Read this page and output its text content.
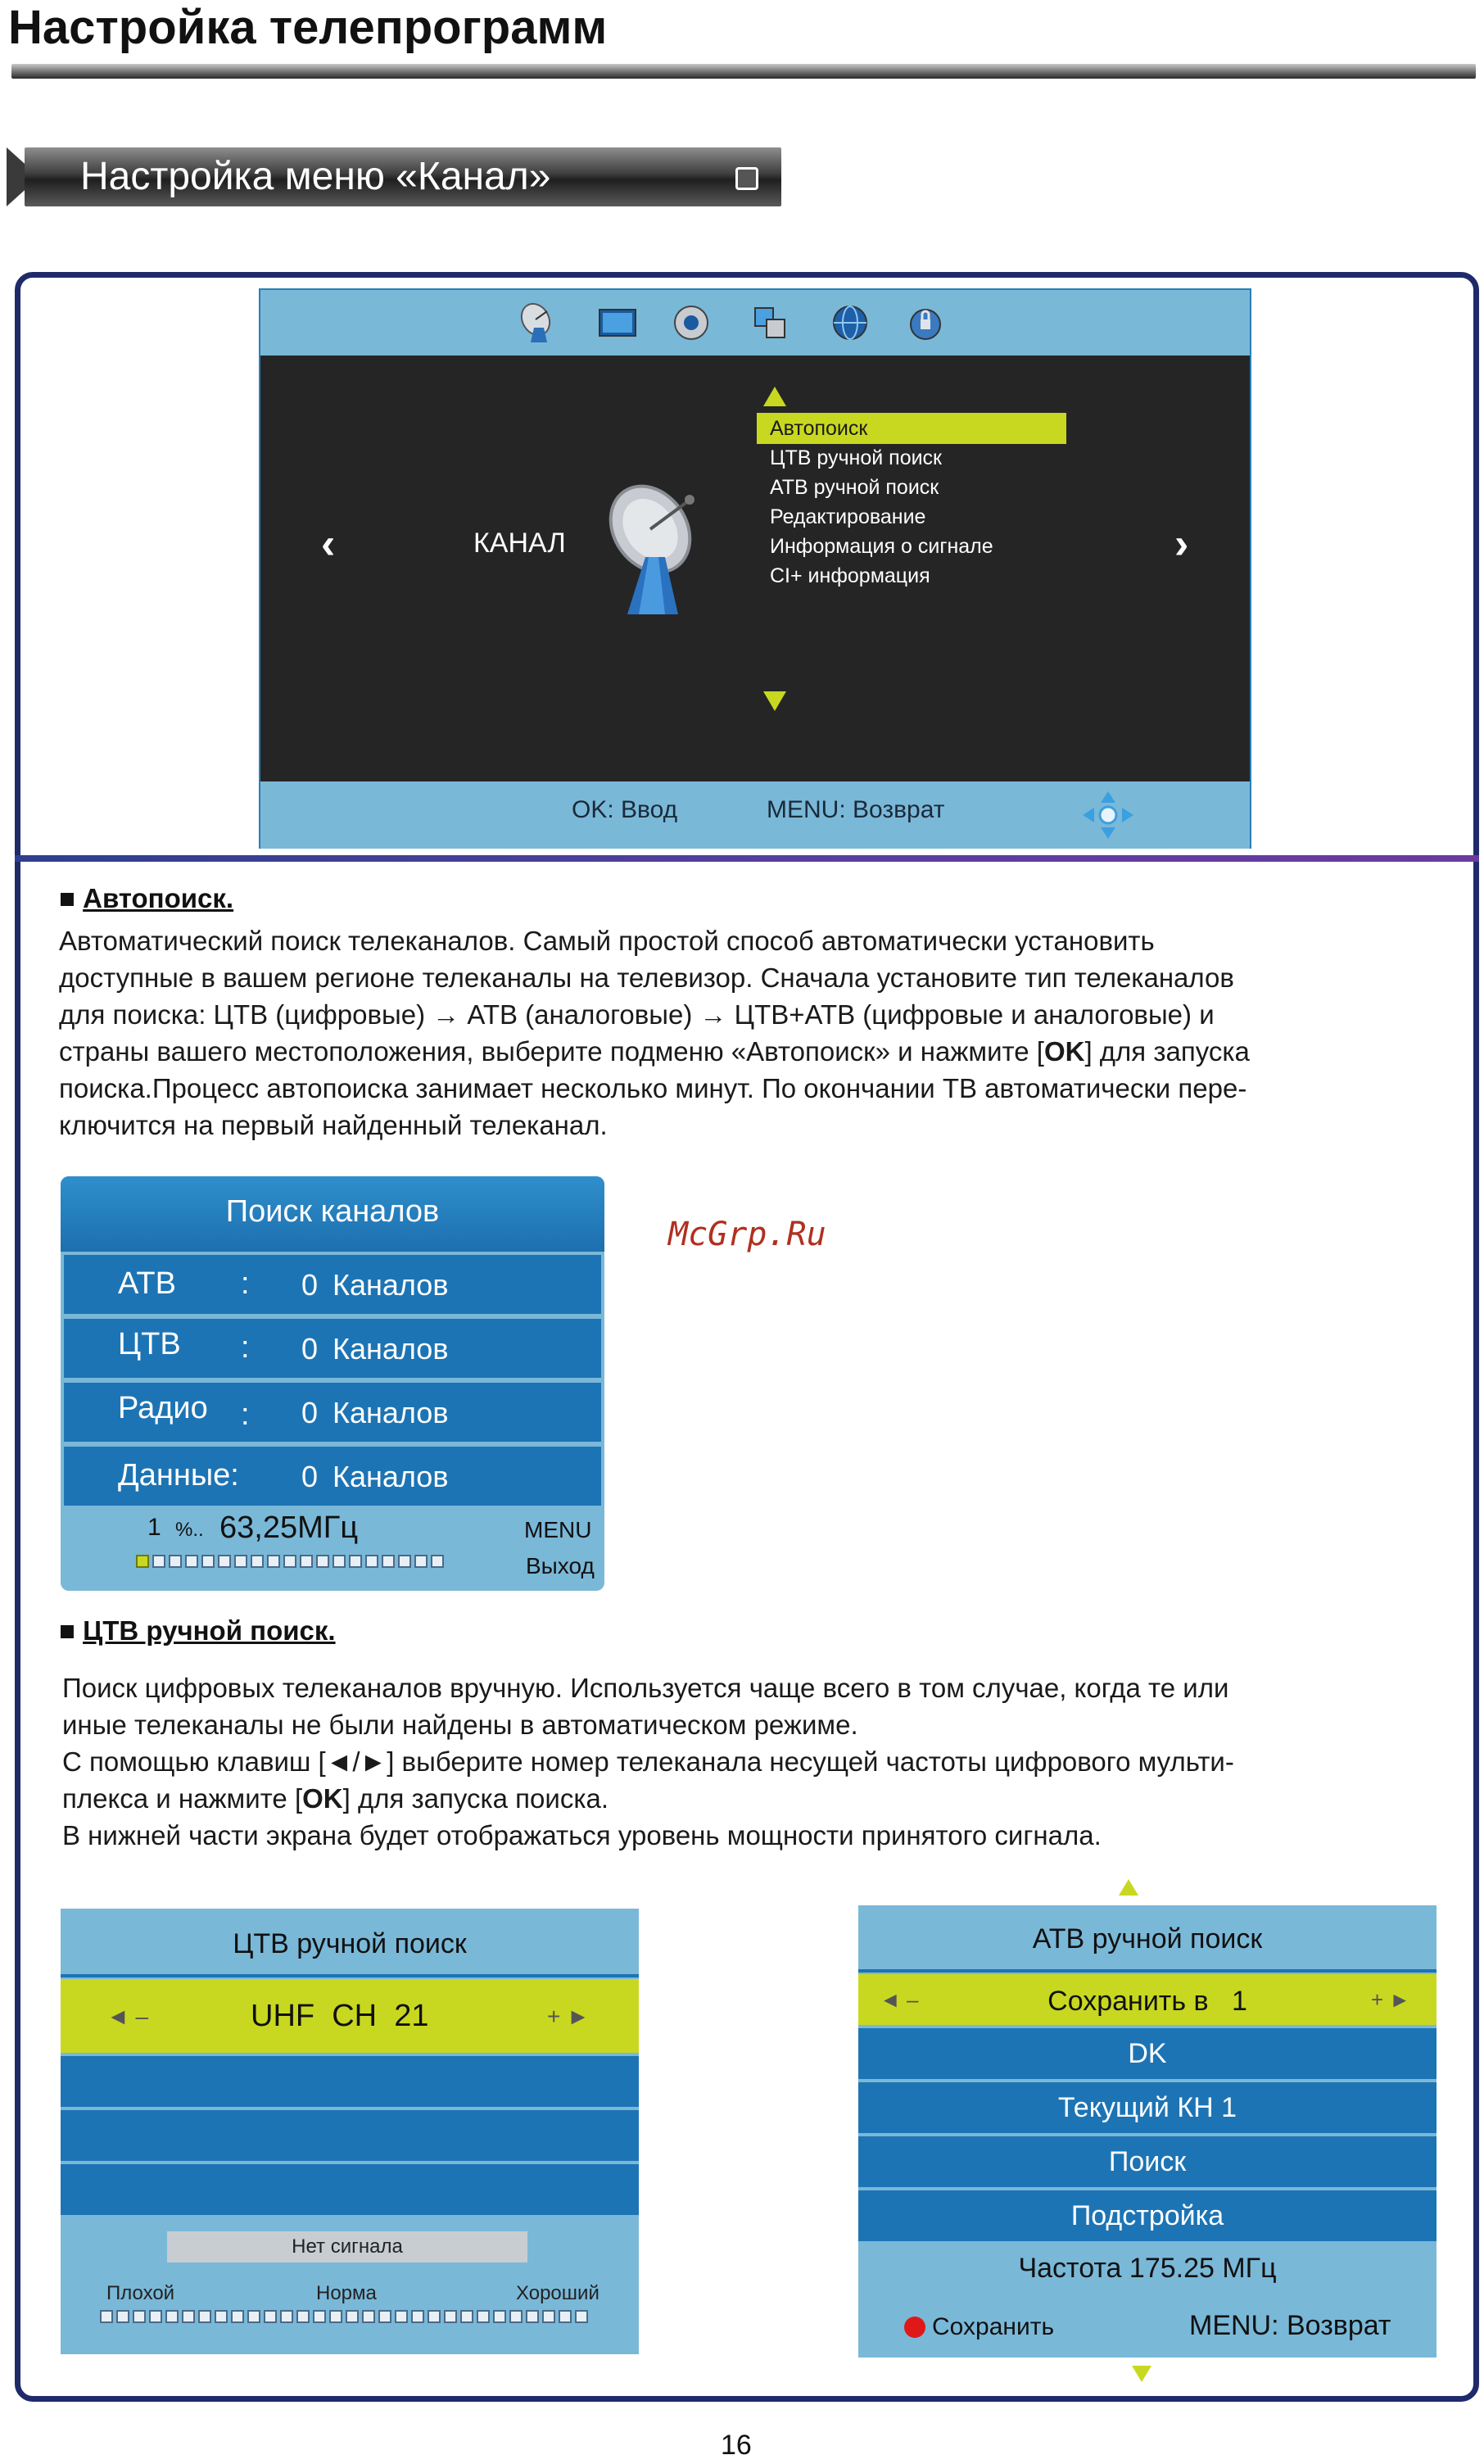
Настройка телепрограмм
Настройка меню «Канал»
‹	КАНАЛ
Автопоиск
ЦТВ ручной поиск
АТВ ручной поиск
Редактирование
Информация о сигнале
CI+ информация
›
OK: Ввод	MENU: Возврат
■ Автопоиск.
Автоматический поиск телеканалов. Самый простой способ автоматически установить
доступные в вашем регионе телеканалы на телевизор. Сначала установите тип телеканалов
для поиска: ЦТВ (цифровые) → АТВ (аналоговые) → ЦТВ+АТВ (цифровые и аналоговые) и
страны вашего местоположения, выберите подменю «Автопоиск» и нажмите [OK] для запуска
поиска.Процесс автопоиска занимает несколько минут. По окончании ТВ автоматически пере-
ключится на первый найденный телеканал.
Поиск каналов
АТВ : 0 Каналов
ЦТВ : 0 Каналов
Радио : 0 Каналов
Данные: 0 Каналов
1 %.. 63,25МГц	MENU
Выход
McGrp.Ru
■ ЦТВ ручной поиск.
Поиск цифровых телеканалов вручную. Используется чаще всего в том случае, когда те или
иные телеканалы не были найдены в автоматическом режиме.
С помощью клавиш [◄/►] выберите номер телеканала несущей частоты цифрового мульти-
плекса и нажмите [OK] для запуска поиска.
В нижней части экрана будет отображаться уровень мощности принятого сигнала.
ЦТВ ручной поиск
◄ –	UHF  CH  21	+ ►
Нет сигнала
Плохой	Норма	Хороший
АТВ ручной поиск
◄ –	Сохранить в   1	+ ►
DK
Текущий КН 1
Поиск
Подстройка
Частота 175.25 МГц
Сохранить	MENU: Возврат
16
